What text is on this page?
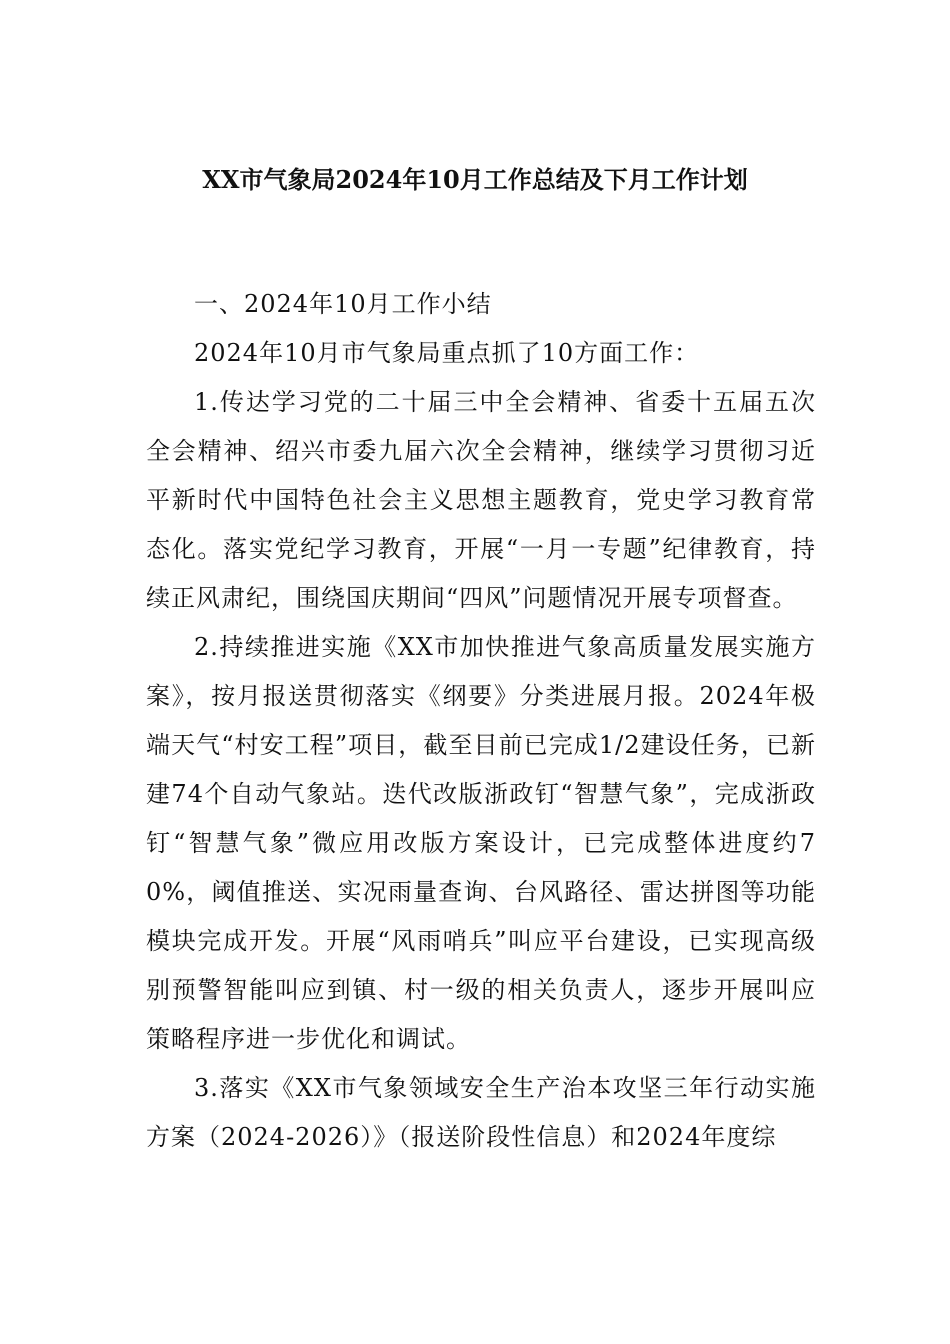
XX市气象局2024年10月工作总结及下月工作计划

一、2024年10月工作小结

2024年10月市气象局重点抓了10方面工作：

1.传达学习党的二十届三中全会精神、省委十五届五次全会精神、绍兴市委九届六次全会精神，继续学习贯彻习近平新时代中国特色社会主义思想主题教育，党史学习教育常态化。落实党纪学习教育，开展“一月一专题”纪律教育，持续正风肃纪，围绕国庆期间“四风”问题情况开展专项督查。

2.持续推进实施《XX市加快推进气象高质量发展实施方案》，按月报送贯彻落实《纲要》分类进展月报。2024年极端天气“村安工程”项目，截至目前已完成1/2建设任务，已新建74个自动气象站。迭代改版浙政钉“智慧气象”，完成浙政钉“智慧气象”微应用改版方案设计，已完成整体进度约70%，阈值推送、实况雨量查询、台风路径、雷达拼图等功能模块完成开发。开展“风雨哨兵”叫应平台建设，已实现高级别预警智能叫应到镇、村一级的相关负责人，逐步开展叫应策略程序进一步优化和调试。

3.落实《XX市气象领域安全生产治本攻坚三年行动实施方案（2024-2026）》（报送阶段性信息）和2024年度综
